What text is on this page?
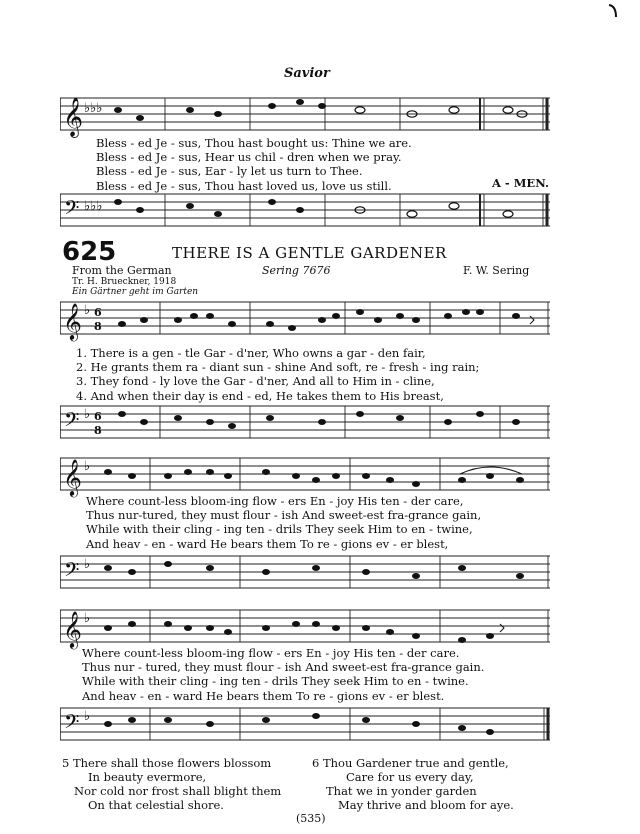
Savior
𝄞 ♭♭♭
Bless - ed Je - sus, Thou hast bought us: Thine we are.
Bless - ed Je - sus, Hear us chil - dren when we pray.
Bless - ed Je - sus, Ear - ly let us turn to Thee.
Bless - ed Je - sus, Thou hast loved us, love us still.	A - MEN.
𝄢 ♭♭♭
625	THERE IS A GENTLE GARDENER
From the German
Tr. H. Brueckner, 1918
Ein Gärtner geht im Garten
Sering 7676	F. W. Sering
𝄞 ♭ 6
8
1. There is a gen - tle Gar - d'ner, Who owns a gar - den fair,
2. He grants them ra - diant sun - shine And soft, re - fresh - ing rain;
3. They fond - ly love the Gar - d'ner, And all to Him in - cline,
4. And when their day is end - ed, He takes them to His breast,
𝄢 ♭ 6
8
𝄞 ♭
Where count-less bloom-ing flow - ers En - joy His ten - der care,
Thus nur-tured, they must flour - ish And sweet-est fra-grance gain,
While with their cling - ing ten - drils They seek Him to en - twine,
And heav - en - ward He bears them To re - gions ev - er blest,
𝄢 ♭
𝄞 ♭
Where count-less bloom-ing flow - ers En - joy His ten - der care.
Thus nur - tured, they must flour - ish And sweet-est fra-grance gain.
While with their cling - ing ten - drils They seek Him to en - twine.
And heav - en - ward He bears them To re - gions ev - er blest.
𝄢 ♭
5 There shall those flowers blossom
In beauty evermore,
Nor cold nor frost shall blight them
On that celestial shore.
6 Thou Gardener true and gentle,
Care for us every day,
That we in yonder garden
May thrive and bloom for aye.
(535)
